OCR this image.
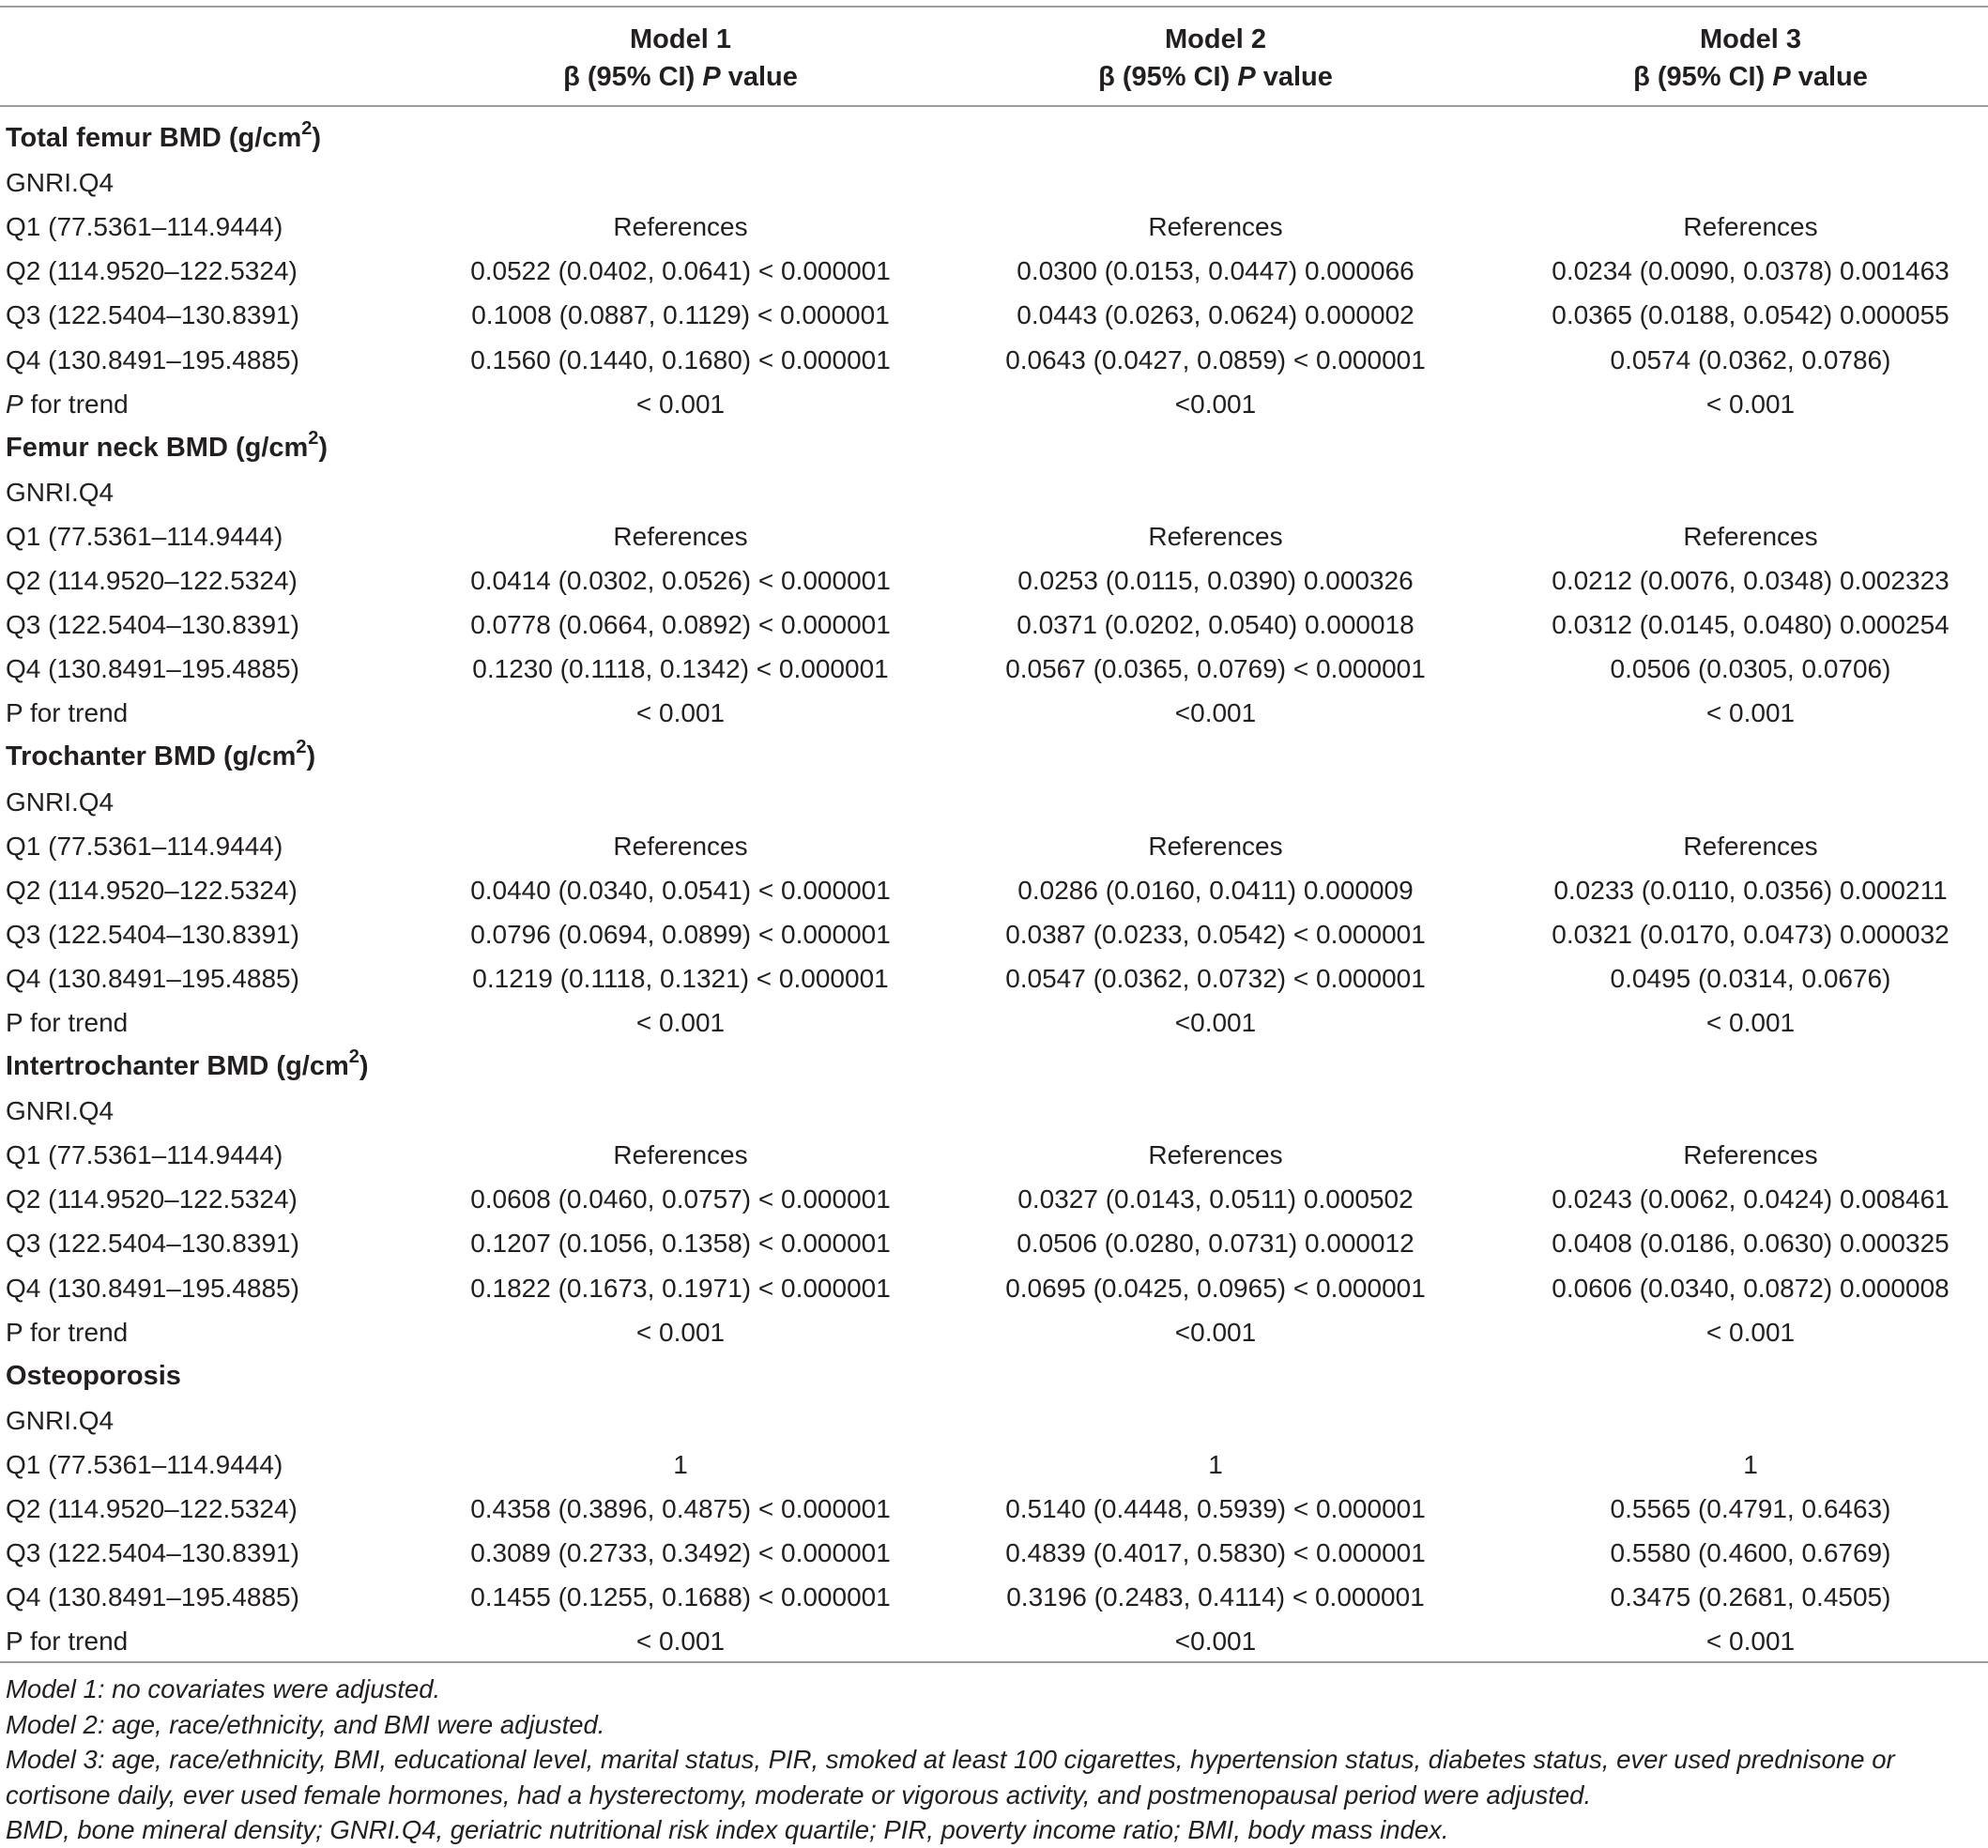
Model 1
β (95% CI) P value
Model 2
β (95% CI) P value
Model 3
β (95% CI) P value
Total femur BMD $(g/cm^2)$
GNRI.Q4
Q1 (77.5361–114.9444)	References	References	References
Q2 (114.9520–122.5324)	0.0522 (0.0402, 0.0641) < 0.000001	0.0300 (0.0153, 0.0447) 0.000066	0.0234 (0.0090, 0.0378) 0.001463
Q3 (122.5404–130.8391)	0.1008 (0.0887, 0.1129) < 0.000001	0.0443 (0.0263, 0.0624) 0.000002	0.0365 (0.0188, 0.0542) 0.000055
Q4 (130.8491–195.4885)	0.1560 (0.1440, 0.1680) < 0.000001	0.0643 (0.0427, 0.0859) < 0.000001	0.0574 (0.0362, 0.0786)
P for trend	< 0.001	<0.001	< 0.001
Femur neck BMD $(g/cm^2)$
GNRI.Q4
Q1 (77.5361–114.9444)	References	References	References
Q2 (114.9520–122.5324)	0.0414 (0.0302, 0.0526) < 0.000001	0.0253 (0.0115, 0.0390) 0.000326	0.0212 (0.0076, 0.0348) 0.002323
Q3 (122.5404–130.8391)	0.0778 (0.0664, 0.0892) < 0.000001	0.0371 (0.0202, 0.0540) 0.000018	0.0312 (0.0145, 0.0480) 0.000254
Q4 (130.8491–195.4885)	0.1230 (0.1118, 0.1342) < 0.000001	0.0567 (0.0365, 0.0769) < 0.000001	0.0506 (0.0305, 0.0706)
P for trend	< 0.001	<0.001	< 0.001
Trochanter BMD $(g/cm^2)$
GNRI.Q4
Q1 (77.5361–114.9444)	References	References	References
Q2 (114.9520–122.5324)	0.0440 (0.0340, 0.0541) < 0.000001	0.0286 (0.0160, 0.0411) 0.000009	0.0233 (0.0110, 0.0356) 0.000211
Q3 (122.5404–130.8391)	0.0796 (0.0694, 0.0899) < 0.000001	0.0387 (0.0233, 0.0542) < 0.000001	0.0321 (0.0170, 0.0473) 0.000032
Q4 (130.8491–195.4885)	0.1219 (0.1118, 0.1321) < 0.000001	0.0547 (0.0362, 0.0732) < 0.000001	0.0495 (0.0314, 0.0676)
P for trend	< 0.001	<0.001	< 0.001
Intertrochanter BMD $(g/cm^2)$
GNRI.Q4
Q1 (77.5361–114.9444)	References	References	References
Q2 (114.9520–122.5324)	0.0608 (0.0460, 0.0757) < 0.000001	0.0327 (0.0143, 0.0511) 0.000502	0.0243 (0.0062, 0.0424) 0.008461
Q3 (122.5404–130.8391)	0.1207 (0.1056, 0.1358) < 0.000001	0.0506 (0.0280, 0.0731) 0.000012	0.0408 (0.0186, 0.0630) 0.000325
Q4 (130.8491–195.4885)	0.1822 (0.1673, 0.1971) < 0.000001	0.0695 (0.0425, 0.0965) < 0.000001	0.0606 (0.0340, 0.0872) 0.000008
P for trend	< 0.001	<0.001	< 0.001
Osteoporosis
GNRI.Q4
Q1 (77.5361–114.9444)	1	1	1
Q2 (114.9520–122.5324)	0.4358 (0.3896, 0.4875) < 0.000001	0.5140 (0.4448, 0.5939) < 0.000001	0.5565 (0.4791, 0.6463)
Q3 (122.5404–130.8391)	0.3089 (0.2733, 0.3492) < 0.000001	0.4839 (0.4017, 0.5830) < 0.000001	0.5580 (0.4600, 0.6769)
Q4 (130.8491–195.4885)	0.1455 (0.1255, 0.1688) < 0.000001	0.3196 (0.2483, 0.4114) < 0.000001	0.3475 (0.2681, 0.4505)
P for trend	< 0.001	<0.001	< 0.001
Model 1: no covariates were adjusted.
Model 2: age, race/ethnicity, and BMI were adjusted.
Model 3: age, race/ethnicity, BMI, educational level, marital status, PIR, smoked at least 100 cigarettes, hypertension status, diabetes status, ever used prednisone or cortisone daily, ever used female hormones, had a hysterectomy, moderate or vigorous activity, and postmenopausal period were adjusted.
BMD, bone mineral density; GNRI.Q4, geriatric nutritional risk index quartile; PIR, poverty income ratio; BMI, body mass index.
